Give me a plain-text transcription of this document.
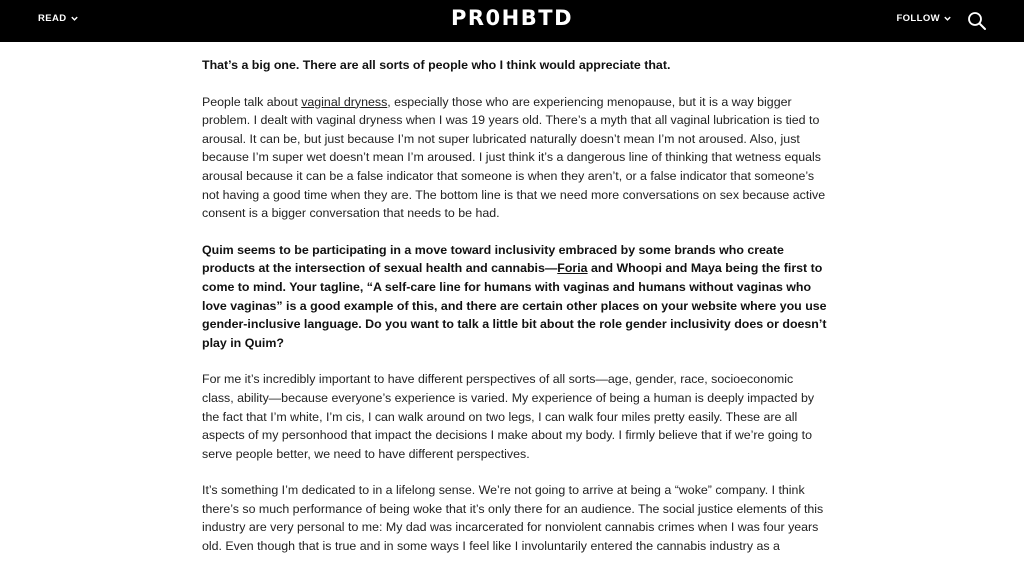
READ	PR0HBTD	FOLLOW

That’s a big one. There are all sorts of people who I think would appreciate that.

People talk about vaginal dryness, especially those who are experiencing menopause, but it is a way bigger problem. I dealt with vaginal dryness when I was 19 years old. There’s a myth that all vaginal lubrication is tied to arousal. It can be, but just because I’m not super lubricated naturally doesn’t mean I’m not aroused. Also, just because I’m super wet doesn’t mean I’m aroused. I just think it’s a dangerous line of thinking that wetness equals arousal because it can be a false indicator that someone is when they aren’t, or a false indicator that someone’s not having a good time when they are. The bottom line is that we need more conversations on sex because active consent is a bigger conversation that needs to be had.

Quim seems to be participating in a move toward inclusivity embraced by some brands who create products at the intersection of sexual health and cannabis—Foria and Whoopi and Maya being the first to come to mind. Your tagline, “A self-care line for humans with vaginas and humans without vaginas who love vaginas” is a good example of this, and there are certain other places on your website where you use gender-inclusive language. Do you want to talk a little bit about the role gender inclusivity does or doesn’t play in Quim?

For me it’s incredibly important to have different perspectives of all sorts—age, gender, race, socioeconomic class, ability—because everyone’s experience is varied. My experience of being a human is deeply impacted by the fact that I’m white, I’m cis, I can walk around on two legs, I can walk four miles pretty easily. These are all aspects of my personhood that impact the decisions I make about my body. I firmly believe that if we’re going to serve people better, we need to have different perspectives.

It’s something I’m dedicated to in a lifelong sense. We’re not going to arrive at being a “woke” company. I think there’s so much performance of being woke that it’s only there for an audience. The social justice elements of this industry are very personal to me: My dad was incarcerated for nonviolent cannabis crimes when I was four years old. Even though that is true and in some ways I feel like I involuntarily entered the cannabis industry as a
